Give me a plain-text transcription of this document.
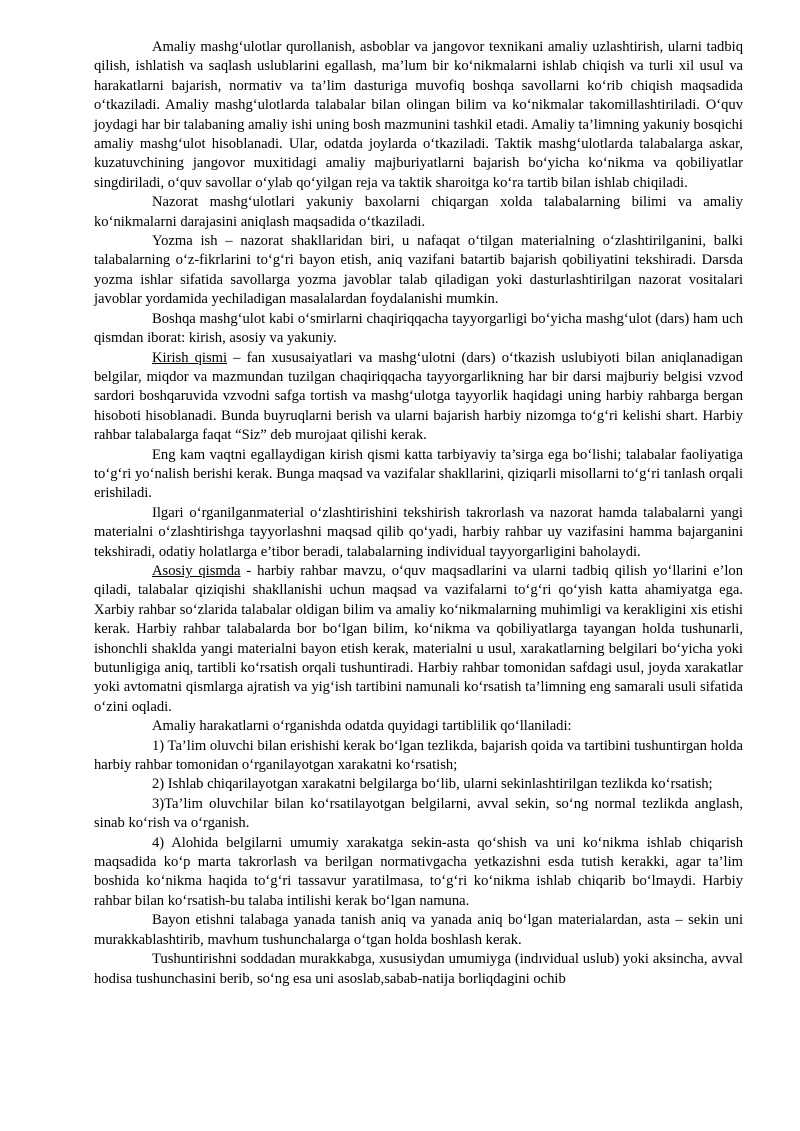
Amaliy mashg‘ulotlar qurollanish, asboblar va jangovor texnikani amaliy uzlashtirish, ularni tadbiq qilish, ishlatish va saqlash uslublarini egallash, ma’lum bir ko‘nikmalarni ishlab chiqish va turli xil usul va harakatlarni bajarish, normativ va ta’lim dasturiga muvofiq boshqa savollarni ko‘rib chiqish maqsadida o‘tkaziladi. Amaliy mashg‘ulotlarda talabalar bilan olingan bilim va ko‘nikmalar takomillashtiriladi. O‘quv joydagi har bir talabaning amaliy ishi uning bosh mazmunini tashkil etadi. Amaliy ta’limning yakuniy bosqichi amaliy mashg‘ulot hisoblanadi. Ular, odatda joylarda o‘tkaziladi. Taktik mashg‘ulotlarda talabalarga askar, kuzatuvchining jangovor muxitidagi amaliy majburiyatlarni bajarish bo‘yicha ko‘nikma va qobiliyatlar singdiriladi, o‘quv savollar o‘ylab qo‘yilgan reja va taktik sharoitga ko‘ra tartib bilan ishlab chiqiladi.

Nazorat mashg‘ulotlari yakuniy baxolarni chiqargan xolda talabalarning bilimi va amaliy ko‘nikmalarni darajasini aniqlash maqsadida o‘tkaziladi.

Yozma ish – nazorat shakllaridan biri, u nafaqat o‘tilgan materialning o‘zlashtirilganini, balki talabalarning o‘z-fikrlarini to‘g‘ri bayon etish, aniq vazifani batartib bajarish qobiliyatini tekshiradi. Darsda yozma ishlar sifatida savollarga yozma javoblar talab qiladigan yoki dasturlashtirilgan nazorat vositalari javoblar yordamida yechiladigan masalalardan foydalanishi mumkin.

Boshqa mashg‘ulot kabi o‘smirlarni chaqiriqqacha tayyorgarligi bo‘yicha mashg‘ulot (dars) ham uch qismdan iborat: kirish, asosiy va yakuniy.

Kirish qismi – fan xususaiyatlari va mashg‘ulotni (dars) o‘tkazish uslubiyoti bilan aniqlanadigan belgilar, miqdor va mazmundan tuzilgan chaqiriqqacha tayyorgarlikning har bir darsi majburiy belgisi vzvod sardori boshqaruvida vzvodni safga tortish va mashg‘ulotga tayyorlik haqidagi uning harbiy rahbarga bergan hisoboti hisoblanadi. Bunda buyruqlarni berish va ularni bajarish harbiy nizomga to‘g‘ri kelishi shart. Harbiy rahbar talabalarga faqat “Siz” deb murojaat qilishi kerak.

Eng kam vaqtni egallaydigan kirish qismi katta tarbiyaviy ta’sirga ega bo‘lishi; talabalar faoliyatiga to‘g‘ri yo‘nalish berishi kerak. Bunga maqsad va vazifalar shakllarini, qiziqarli misollarni to‘g‘ri tanlash orqali erishiladi.

Ilgari o‘rganilganmaterial o‘zlashtirishini tekshirish takrorlash va nazorat hamda talabalarni yangi materialni o‘zlashtirishga tayyorlashni maqsad qilib qo‘yadi, harbiy rahbar uy vazifasini hamma bajarganini tekshiradi, odatiy holatlarga e’tibor beradi, talabalarning individual tayyorgarligini baholaydi.

Asosiy qismda - harbiy rahbar mavzu, o‘quv maqsadlarini va ularni tadbiq qilish yo‘llarini e’lon qiladi, talabalar qiziqishi shakllanishi uchun maqsad va vazifalarni to‘g‘ri qo‘yish katta ahamiyatga ega. Xarbiy rahbar so‘zlarida talabalar oldigan bilim va amaliy ko‘nikmalarning muhimligi va kerakligini xis etishi kerak. Harbiy rahbar talabalarda bor bo‘lgan bilim, ko‘nikma va qobiliyatlarga tayangan holda tushunarli, ishonchli shaklda yangi materialni bayon etish kerak, materialni u usul, xarakatlarning belgilari bo‘yicha yoki butunligiga aniq, tartibli ko‘rsatish orqali tushuntiradi. Harbiy rahbar tomonidan safdagi usul, joyda xarakatlar yoki avtomatni qismlarga ajratish va yig‘ish tartibini namunali ko‘rsatish ta’limning eng samarali usuli sifatida o‘zini oqladi.

Amaliy harakatlarni o‘rganishda odatda quyidagi tartiblilik qo‘llaniladi:

1) Ta’lim oluvchi bilan erishishi kerak bo‘lgan tezlikda, bajarish qoida va tartibini tushuntirgan holda harbiy rahbar tomonidan o‘rganilayotgan xarakatni ko‘rsatish;

2) Ishlab chiqarilayotgan xarakatni belgilarga bo‘lib, ularni sekinlashtirilgan tezlikda ko‘rsatish;

3)Ta’lim oluvchilar bilan ko‘rsatilayotgan belgilarni, avval sekin, so‘ng normal tezlikda anglash, sinab ko‘rish va o‘rganish.

4) Alohida belgilarni umumiy xarakatga sekin-asta qo‘shish va uni ko‘nikma ishlab chiqarish maqsadida ko‘p marta takrorlash va berilgan normativgacha yetkazishni esda tutish kerakki, agar ta’lim boshida ko‘nikma haqida to‘g‘ri tassavur yaratilmasa, to‘g‘ri ko‘nikma ishlab chiqarib bo‘lmaydi. Harbiy rahbar bilan ko‘rsatish-bu talaba intilishi kerak bo‘lgan namuna.

Bayon etishni talabaga yanada tanish aniq va yanada aniq bo‘lgan materialardan, asta – sekin uni murakkablashtirib, mavhum tushunchalarga o‘tgan holda boshlash kerak.

Tushuntirishni soddadan murakkabga, xususiydan umumiyga (indıvidual uslub) yoki aksincha, avval hodisa tushunchasini berib, so‘ng esa uni asoslab,sabab-natija borliqdagini ochib
